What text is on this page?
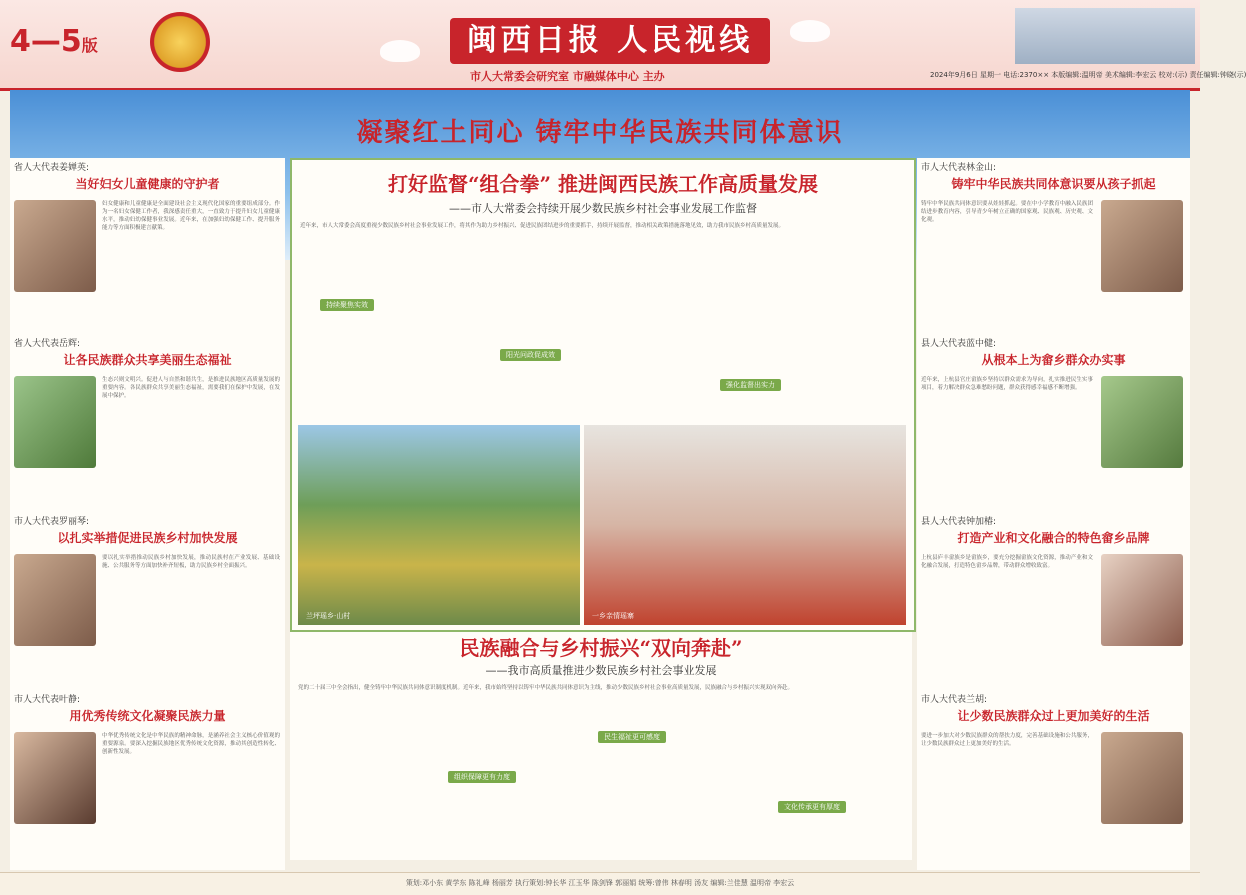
4—5版	闽西日报 人民视线
市人大常委会研究室 市融媒体中心 主办	2024年9月6日 星期一 电话:2370×× 本版编辑:温明帝 美术编辑:李宏云 校对:(示) 责任编辑:钟晓(示)
凝聚红土同心 铸牢中华民族共同体意识

省人大代表姜婵英:

当好妇女儿童健康的守护者

妇女健康和儿童健康是全面建设社会主义现代化国家的重要组成部分。作为一名妇女保健工作者，我深感责任重大，一直致力于提升妇女儿童健康水平，推动妇幼保健事业发展。近年来，在加强妇幼保健工作、提升服务能力等方面积极建言献策。

省人大代表岳辉:

让各民族群众共享美丽生态福祉

生态兴则文明兴。促进人与自然和谐共生，是推进民族地区高质量发展的重要内容。各民族群众共享美丽生态福祉，需要我们在保护中发展，在发展中保护。

市人大代表罗丽琴:

以扎实举措促进民族乡村加快发展

要以扎实举措推动民族乡村加快发展，推动民族村在产业发展、基础设施、公共服务等方面加快补齐短板，助力民族乡村全面振兴。

市人大代表叶静:

用优秀传统文化凝聚民族力量

中华优秀传统文化是中华民族的精神命脉，是涵养社会主义核心价值观的重要源泉。要深入挖掘民族地区优秀传统文化资源，推动其创造性转化、创新性发展。

打好监督“组合拳” 推进闽西民族工作高质量发展
——市人大常委会持续开展少数民族乡村社会事业发展工作监督

近年来，市人大常委会高度重视少数民族乡村社会事业发展工作，将其作为助力乡村振兴、促进民族团结进步的重要抓手，持续开展监督，推动相关政策措施落地见效，助力我市民族乡村高质量发展。

持续聚焦实效
阳光问政促成效
强化监督出实力
兰坪瑶乡·山村	一乡亲情瑶寨
民族融合与乡村振兴“双向奔赴”
——我市高质量推进少数民族乡村社会事业发展

党的二十届三中全会指出，健全铸牢中华民族共同体意识制度机制。近年来，我市始终坚持以铸牢中华民族共同体意识为主线，推动少数民族乡村社会事业高质量发展，民族融合与乡村振兴实现双向奔赴。

组织保障更有力度
民生福祉更可感度
文化传承更有厚度

市人大代表林金山:

铸牢中华民族共同体意识要从孩子抓起

铸牢中华民族共同体意识要从娃娃抓起。要在中小学教育中融入民族团结进步教育内容，引导青少年树立正确的国家观、民族观、历史观、文化观。

县人大代表蓝中健:

从根本上为畲乡群众办实事

近年来，上杭县官庄畲族乡坚持以群众需求为导向，扎实推进民生实事项目，着力解决群众急难愁盼问题，群众获得感幸福感不断增强。

县人大代表钟加椿:

打造产业和文化融合的特色畲乡品牌

上杭县庐丰畲族乡是畲族乡，要充分挖掘畲族文化资源，推动产业和文化融合发展，打造特色畲乡品牌，带动群众增收致富。

市人大代表兰胡:

让少数民族群众过上更加美好的生活

要进一步加大对少数民族群众的帮扶力度，完善基础设施和公共服务，让少数民族群众过上更加美好的生活。

策划:邓小东 黄学东 陈礼峰 杨丽芳 执行策划:钟长华 江玉华 陈剑锋 郭丽娟 统筹:曾伟 林春明 汤友 编辑:兰佳慧 温明帝 李宏云
